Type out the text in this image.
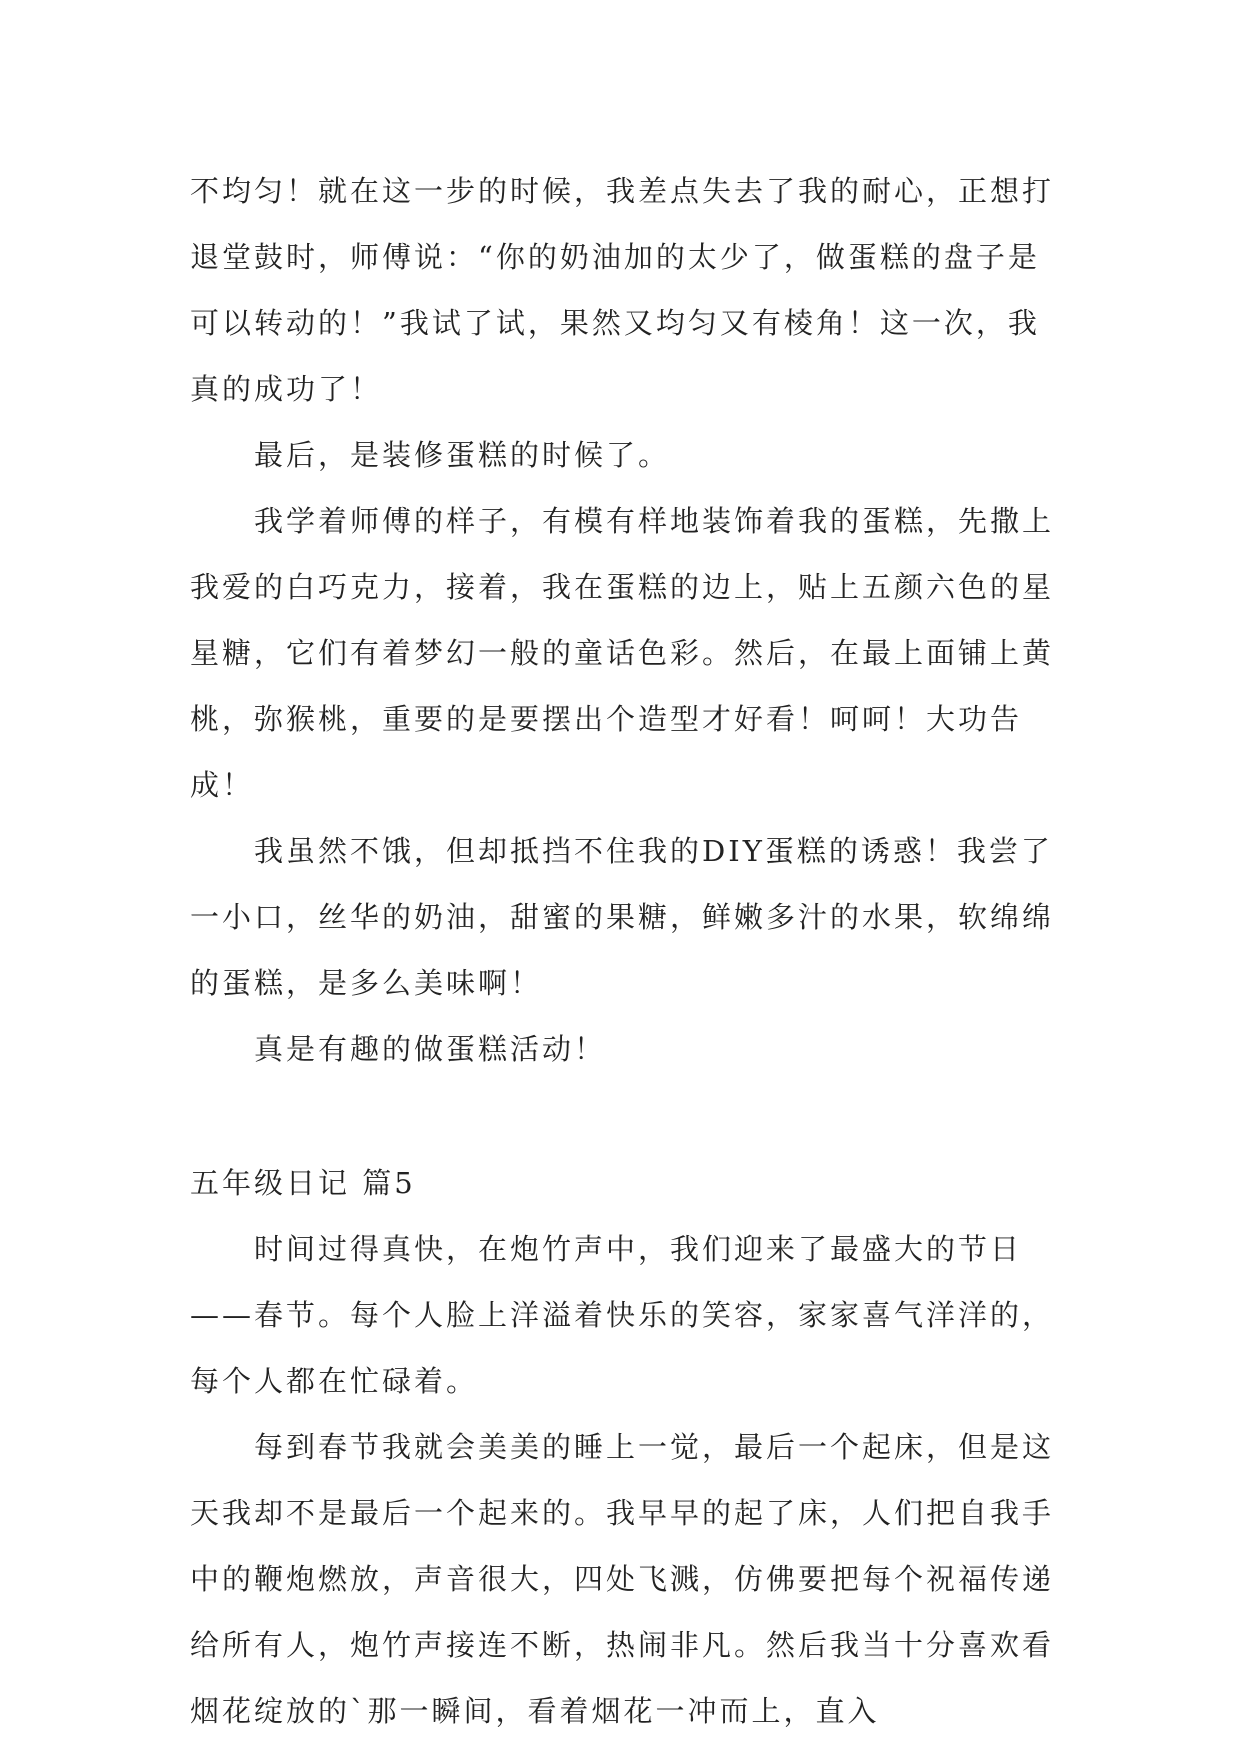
不均匀！就在这一步的时候，我差点失去了我的耐心，正想打退堂鼓时，师傅说：“你的奶油加的太少了，做蛋糕的盘子是可以转动的！”我试了试，果然又均匀又有棱角！这一次，我真的成功了！

最后，是装修蛋糕的时候了。

我学着师傅的样子，有模有样地装饰着我的蛋糕，先撒上我爱的白巧克力，接着，我在蛋糕的边上，贴上五颜六色的星星糖，它们有着梦幻一般的童话色彩。然后，在最上面铺上黄桃，弥猴桃，重要的是要摆出个造型才好看！呵呵！大功告成！

我虽然不饿，但却抵挡不住我的DIY蛋糕的诱惑！我尝了一小口，丝华的奶油，甜蜜的果糖，鲜嫩多汁的水果，软绵绵的蛋糕，是多么美味啊！

真是有趣的做蛋糕活动！

五年级日记 篇5

时间过得真快，在炮竹声中，我们迎来了最盛大的节日——春节。每个人脸上洋溢着快乐的笑容，家家喜气洋洋的，每个人都在忙碌着。

每到春节我就会美美的睡上一觉，最后一个起床，但是这天我却不是最后一个起来的。我早早的起了床，人们把自我手中的鞭炮燃放，声音很大，四处飞溅，仿佛要把每个祝福传递给所有人，炮竹声接连不断，热闹非凡。然后我当十分喜欢看烟花绽放的`那一瞬间，看着烟花一冲而上，直入
